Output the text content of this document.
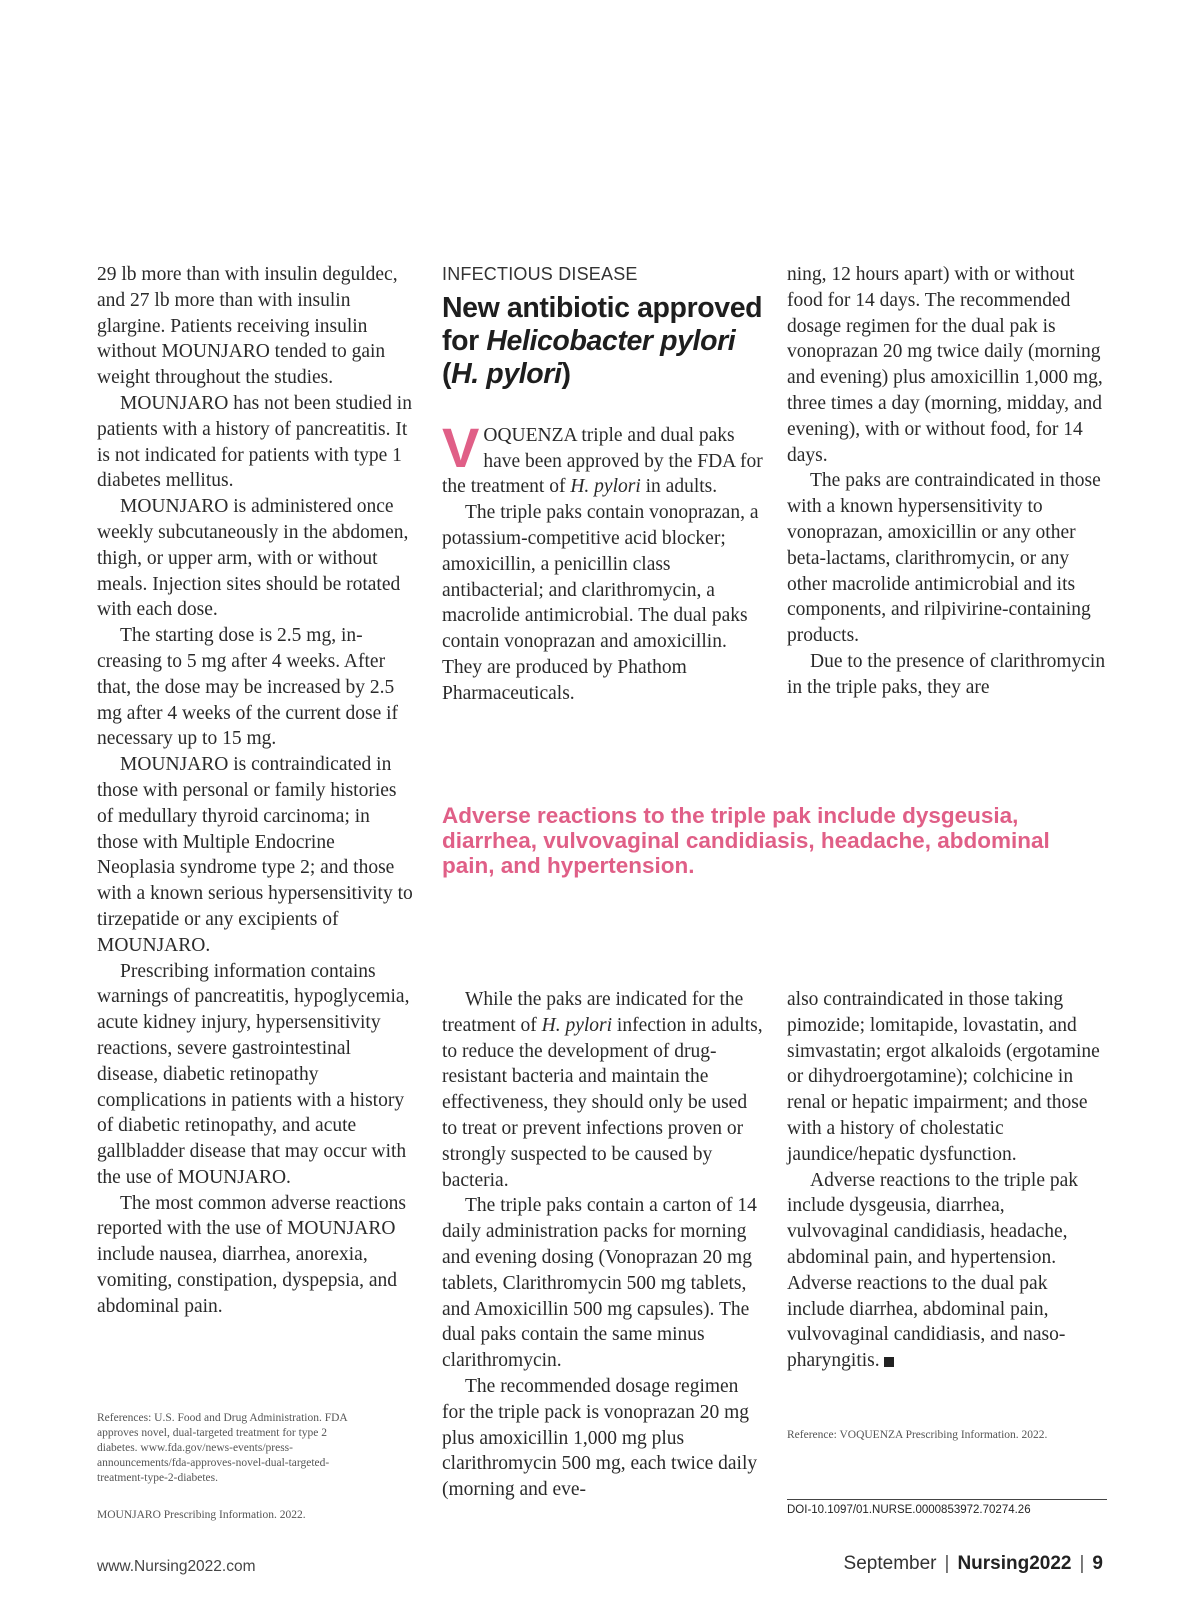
29 lb more than with insulin deguldec, and 27 lb more than with insulin glargine. Patients receiving insulin without MOUNJARO tended to gain weight throughout the studies.

MOUNJARO has not been studied in patients with a history of pancreatitis. It is not indicated for patients with type 1 diabetes mellitus.

MOUNJARO is administered once weekly subcutaneously in the abdomen, thigh, or upper arm, with or without meals. Injection sites should be rotated with each dose.

The starting dose is 2.5 mg, increasing to 5 mg after 4 weeks. After that, the dose may be increased by 2.5 mg after 4 weeks of the current dose if necessary up to 15 mg.

MOUNJARO is contraindicated in those with personal or family histories of medullary thyroid carcinoma; in those with Multiple Endocrine Neoplasia syndrome type 2; and those with a known serious hypersensitivity to tirzepatide or any excipients of MOUNJARO.

Prescribing information contains warnings of pancreatitis, hypoglycemia, acute kidney injury, hypersensitivity reactions, severe gastrointestinal disease, diabetic retinopathy complications in patients with a history of diabetic retinopathy, and acute gallbladder disease that may occur with the use of MOUNJARO.

The most common adverse reactions reported with the use of MOUNJARO include nausea, diarrhea, anorexia, vomiting, constipation, dyspepsia, and abdominal pain.

References: U.S. Food and Drug Administration. FDA approves novel, dual-targeted treatment for type 2 diabetes. www.fda.gov/news-events/press-announcements/fda-approves-novel-dual-targeted-treatment-type-2-diabetes.

MOUNJARO Prescribing Information. 2022.

INFECTIOUS DISEASE
New antibiotic approved for Helicobacter pylori (H. pylori)

VOQUENZA triple and dual paks have been approved by the FDA for the treatment of H. pylori in adults.

The triple paks contain vonoprazan, a potassium-competitive acid blocker; amoxicillin, a penicillin class antibacterial; and clarithromycin, a macrolide antimicrobial. The dual paks contain vonoprazan and amoxicillin. They are produced by Phathom Pharmaceuticals.

ning, 12 hours apart) with or without food for 14 days. The recommended dosage regimen for the dual pak is vonoprazan 20 mg twice daily (morning and evening) plus amoxicillin 1,000 mg, three times a day (morning, midday, and evening), with or without food, for 14 days.

The paks are contraindicated in those with a known hypersensitivity to vonoprazan, amoxicillin or any other beta-lactams, clarithromycin, or any other macrolide antimicrobial and its components, and rilpivirine-containing products.

Due to the presence of clarithromycin in the triple paks, they are

Adverse reactions to the triple pak include dysgeusia, diarrhea, vulvovaginal candidiasis, headache, abdominal pain, and hypertension.

While the paks are indicated for the treatment of H. pylori infection in adults, to reduce the development of drug-resistant bacteria and maintain the effectiveness, they should only be used to treat or prevent infections proven or strongly suspected to be caused by bacteria.

The triple paks contain a carton of 14 daily administration packs for morning and evening dosing (Vonoprazan 20 mg tablets, Clarithromycin 500 mg tablets, and Amoxicillin 500 mg capsules). The dual paks contain the same minus clarithromycin.

The recommended dosage regimen for the triple pack is vonoprazan 20 mg plus amoxicillin 1,000 mg plus clarithromycin 500 mg, each twice daily (morning and eve-

also contraindicated in those taking pimozide; lomitapide, lovastatin, and simvastatin; ergot alkaloids (ergotamine or dihydroergotamine); colchicine in renal or hepatic impairment; and those with a history of cholestatic jaundice/hepatic dysfunction.

Adverse reactions to the triple pak include dysgeusia, diarrhea, vulvovaginal candidiasis, headache, abdominal pain, and hypertension. Adverse reactions to the dual pak include diarrhea, abdominal pain, vulvovaginal candidiasis, and nasopharyngitis.

Reference: VOQUENZA Prescribing Information. 2022.

DOI-10.1097/01.NURSE.0000853972.70274.26
www.Nursing2022.com	September | Nursing2022 | 9
